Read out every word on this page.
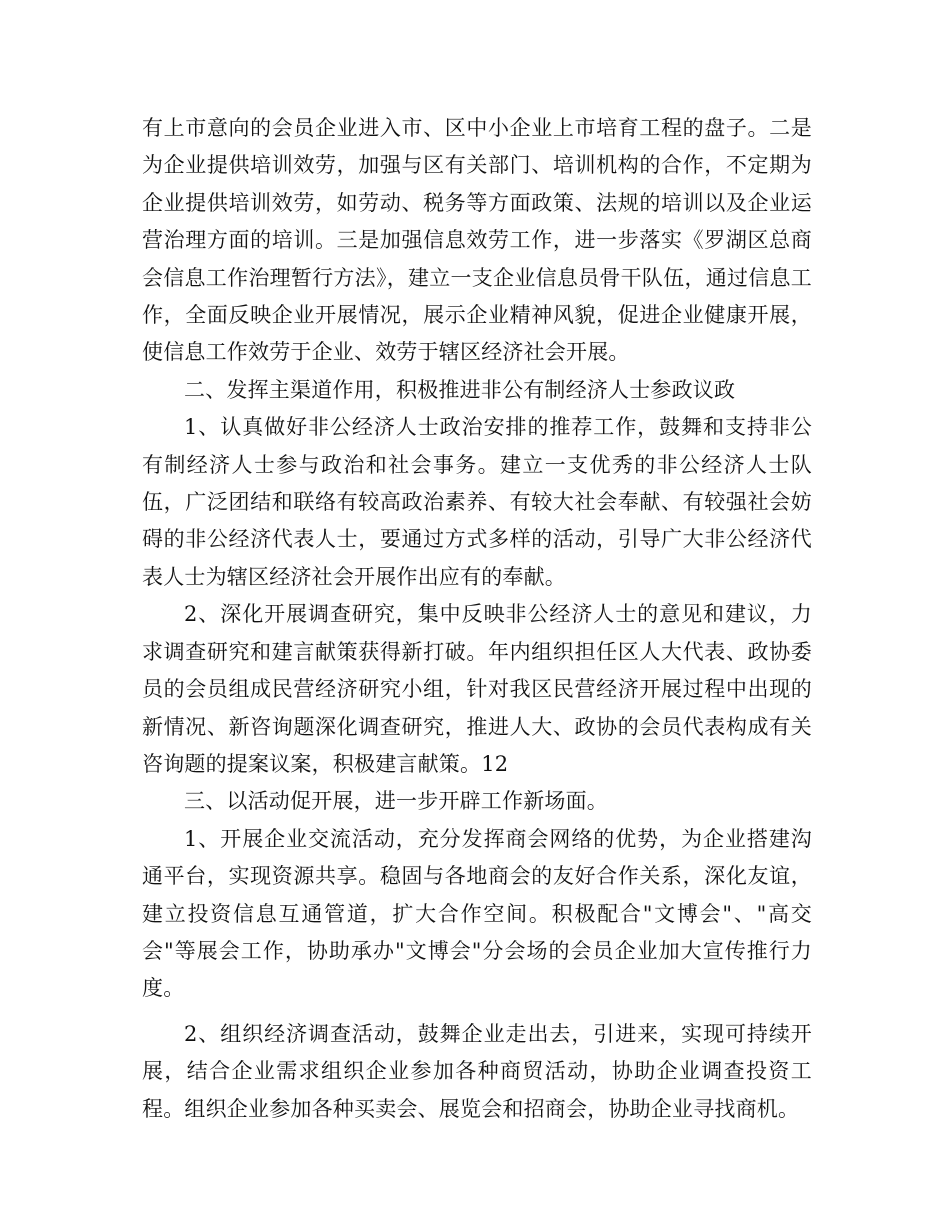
有上市意向的会员企业进入市、区中小企业上市培育工程的盘子。二是为企业提供培训效劳，加强与区有关部门、培训机构的合作，不定期为企业提供培训效劳，如劳动、税务等方面政策、法规的培训以及企业运营治理方面的培训。三是加强信息效劳工作，进一步落实《罗湖区总商会信息工作治理暂行方法》，建立一支企业信息员骨干队伍，通过信息工作，全面反映企业开展情况，展示企业精神风貌，促进企业健康开展，使信息工作效劳于企业、效劳于辖区经济社会开展。

二、发挥主渠道作用，积极推进非公有制经济人士参政议政

1、认真做好非公经济人士政治安排的推荐工作，鼓舞和支持非公有制经济人士参与政治和社会事务。建立一支优秀的非公经济人士队伍，广泛团结和联络有较高政治素养、有较大社会奉献、有较强社会妨碍的非公经济代表人士，要通过方式多样的活动，引导广大非公经济代表人士为辖区经济社会开展作出应有的奉献。

2、深化开展调查研究，集中反映非公经济人士的意见和建议，力求调查研究和建言献策获得新打破。年内组织担任区人大代表、政协委员的会员组成民营经济研究小组，针对我区民营经济开展过程中出现的新情况、新咨询题深化调查研究，推进人大、政协的会员代表构成有关咨询题的提案议案，积极建言献策。12

三、以活动促开展，进一步开辟工作新场面。

1、开展企业交流活动，充分发挥商会网络的优势，为企业搭建沟通平台，实现资源共享。稳固与各地商会的友好合作关系，深化友谊，建立投资信息互通管道，扩大合作空间。积极配合"文博会"、"高交会"等展会工作，协助承办"文博会"分会场的会员企业加大宣传推行力度。

2、组织经济调查活动，鼓舞企业走出去，引进来，实现可持续开展，结合企业需求组织企业参加各种商贸活动，协助企业调查投资工程。组织企业参加各种买卖会、展览会和招商会，协助企业寻找商机。
